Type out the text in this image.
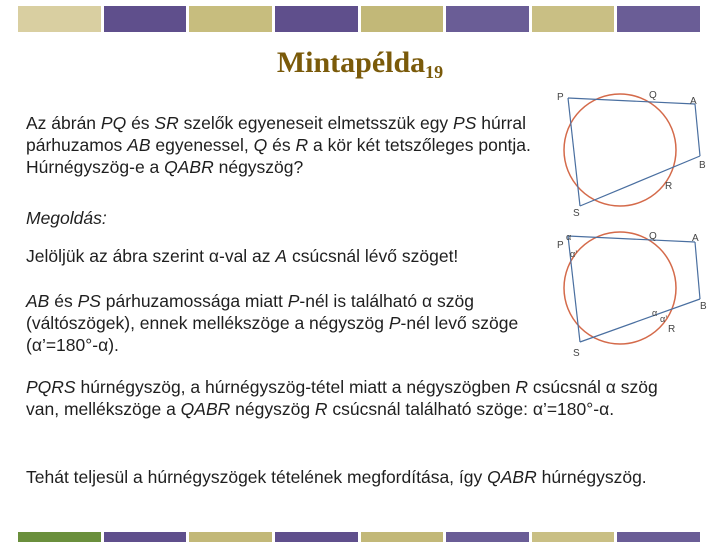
Mintapélda$_{19}$
Az ábrán PQ és SR szelők egyeneseit elmetsszük egy PS húrral párhuzamos AB egyenessel, Q és R a kör két tetszőleges pontja. Húrnégyszög-e a QABR négyszög?
Megoldás:
Jelöljük az ábra szerint α-val az A csúcsnál lévő szöget!
AB és PS párhuzamossága miatt P-nél is található α szög (váltószögek), ennek mellékszöge a négyszög P-nél levő szöge (α’=180°-α).
PQRS húrnégyszög, a húrnégyszög-tétel miatt a négyszögben R csúcsnál α szög van, mellékszöge a QABR négyszög R csúcsnál található szöge: α’=180°-α.
Tehát teljesül a húrnégyszögek tételének megfordítása, így QABR húrnégyszög.
P	Q
A
B
R
S
P
α
α’
Q	A
B
α
α’
R
S
